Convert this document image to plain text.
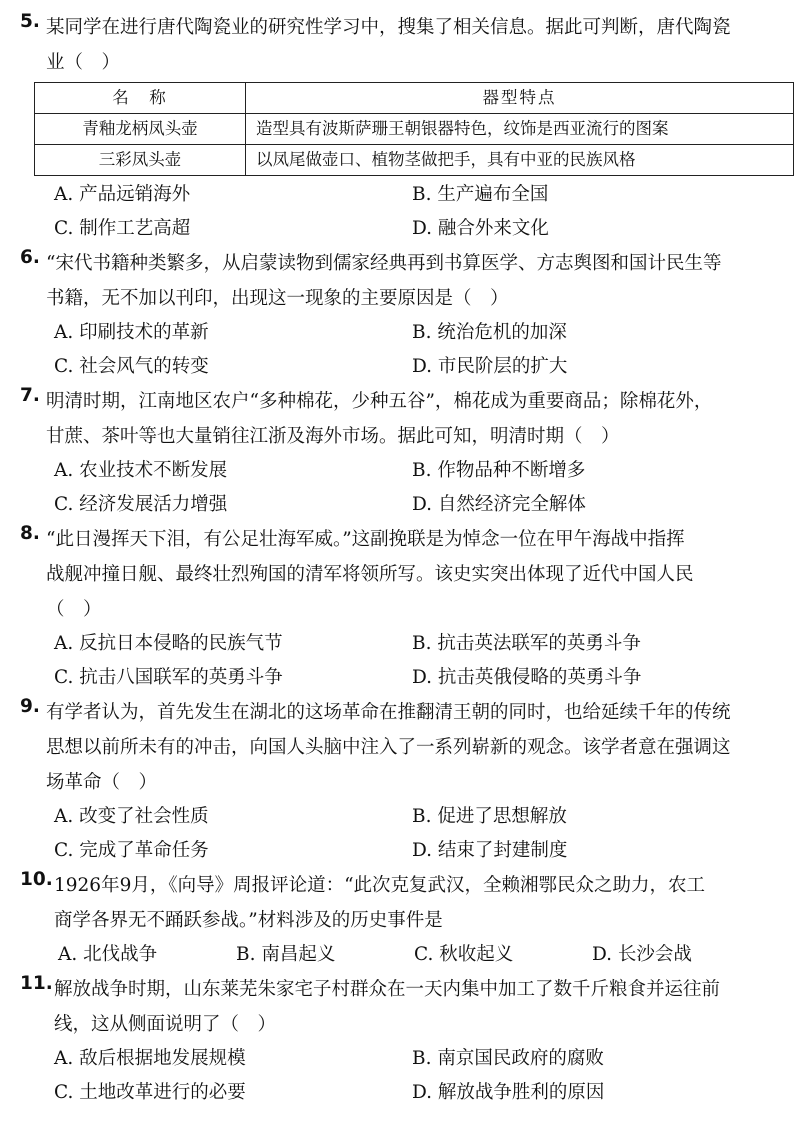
5. 某同学在进行唐代陶瓷业的研究性学习中，搜集了相关信息。据此可判断，唐代陶瓷

业（　）

名　称	器型特点
青釉龙柄凤头壶	造型具有波斯萨珊王朝银器特色，纹饰是西亚流行的图案
三彩凤头壶	以凤尾做壶口、植物茎做把手，具有中亚的民族风格
A. 产品远销海外	B. 生产遍布全国
C. 制作工艺高超	D. 融合外来文化
6. “宋代书籍种类繁多，从启蒙读物到儒家经典再到书算医学、方志舆图和国计民生等

书籍，无不加以刊印，出现这一现象的主要原因是（　）

A. 印刷技术的革新	B. 统治危机的加深
C. 社会风气的转变	D. 市民阶层的扩大
7. 明清时期，江南地区农户“多种棉花，少种五谷”，棉花成为重要商品；除棉花外，

甘蔗、茶叶等也大量销往江浙及海外市场。据此可知，明清时期（　）

A. 农业技术不断发展	B. 作物品种不断增多
C. 经济发展活力增强	D. 自然经济完全解体
8. “此日漫挥天下泪，有公足壮海军威。”这副挽联是为悼念一位在甲午海战中指挥

战舰冲撞日舰、最终壮烈殉国的清军将领所写。该史实突出体现了近代中国人民

（　）

A. 反抗日本侵略的民族气节	B. 抗击英法联军的英勇斗争
C. 抗击八国联军的英勇斗争	D. 抗击英俄侵略的英勇斗争
9. 有学者认为，首先发生在湖北的这场革命在推翻清王朝的同时，也给延续千年的传统

思想以前所未有的冲击，向国人头脑中注入了一系列崭新的观念。该学者意在强调这

场革命（　）

A. 改变了社会性质	B. 促进了思想解放
C. 完成了革命任务	D. 结束了封建制度
10. 1926年9月，《向导》周报评论道：“此次克复武汉，全赖湘鄂民众之助力，农工

商学各界无不踊跃参战。”材料涉及的历史事件是

A. 北伐战争	B. 南昌起义	C. 秋收起义	D. 长沙会战
11. 解放战争时期，山东莱芜朱家宅子村群众在一天内集中加工了数千斤粮食并运往前

线，这从侧面说明了（　）

A. 敌后根据地发展规模	B. 南京国民政府的腐败
C. 土地改革进行的必要	D. 解放战争胜利的原因
